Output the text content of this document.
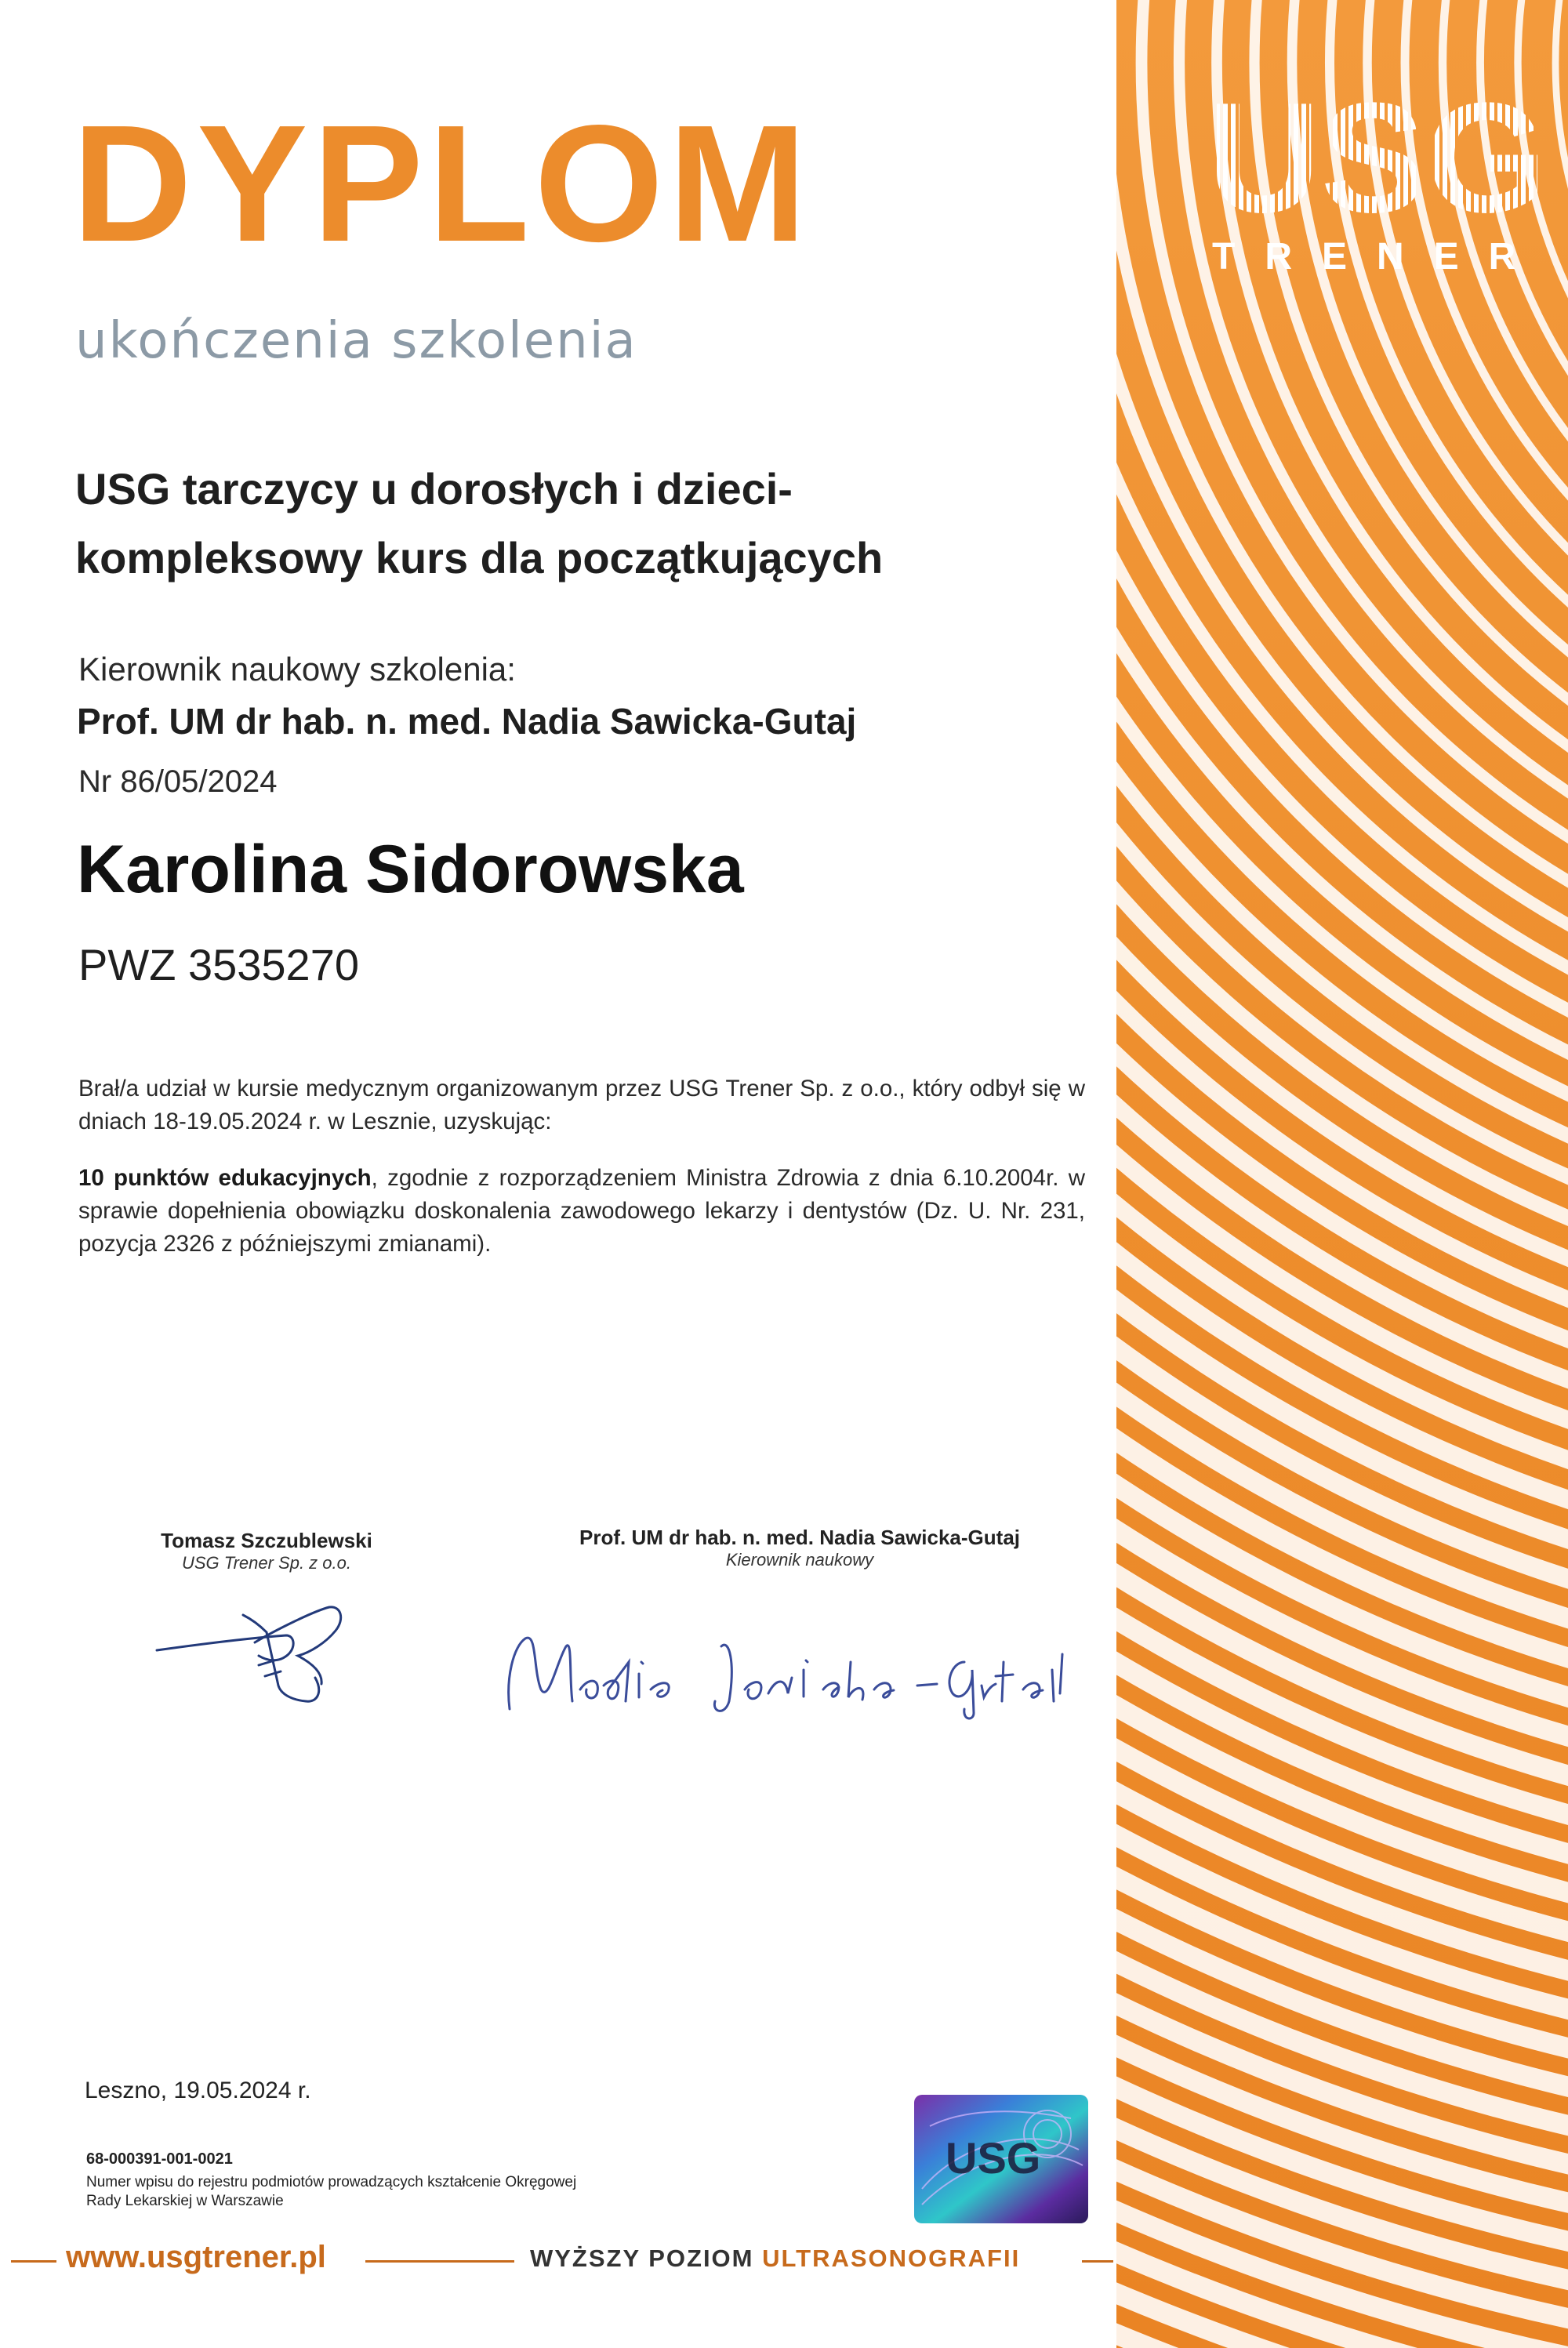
USG
TRENER
DYPLOM
ukończenia szkolenia
USG tarczycy u dorosłych i dzieci-
kompleksowy kurs dla początkujących
Kierownik naukowy szkolenia:
Prof. UM dr hab. n. med. Nadia Sawicka-Gutaj
Nr 86/05/2024
Karolina Sidorowska
PWZ 3535270
Brał/a udział w kursie medycznym organizowanym przez USG Trener Sp. z o.o., który odbył się w dniach 18-19.05.2024 r. w Lesznie, uzyskując:
10 punktów edukacyjnych, zgodnie z rozporządzeniem Ministra Zdrowia z dnia 6.10.2004r. w sprawie dopełnienia obowiązku doskonalenia zawodowego lekarzy i dentystów (Dz. U. Nr. 231, pozycja 2326 z późniejszymi zmianami).
Tomasz Szczublewski
USG Trener Sp. z o.o.
Prof. UM dr hab. n. med. Nadia Sawicka-Gutaj
Kierownik naukowy
Leszno, 19.05.2024 r.
68-000391-001-0021
Numer wpisu do rejestru podmiotów prowadzących kształcenie Okręgowej Rady Lekarskiej w Warszawie
USG
www.usgtrener.pl	WYŻSZY POZIOM ULTRASONOGRAFII
